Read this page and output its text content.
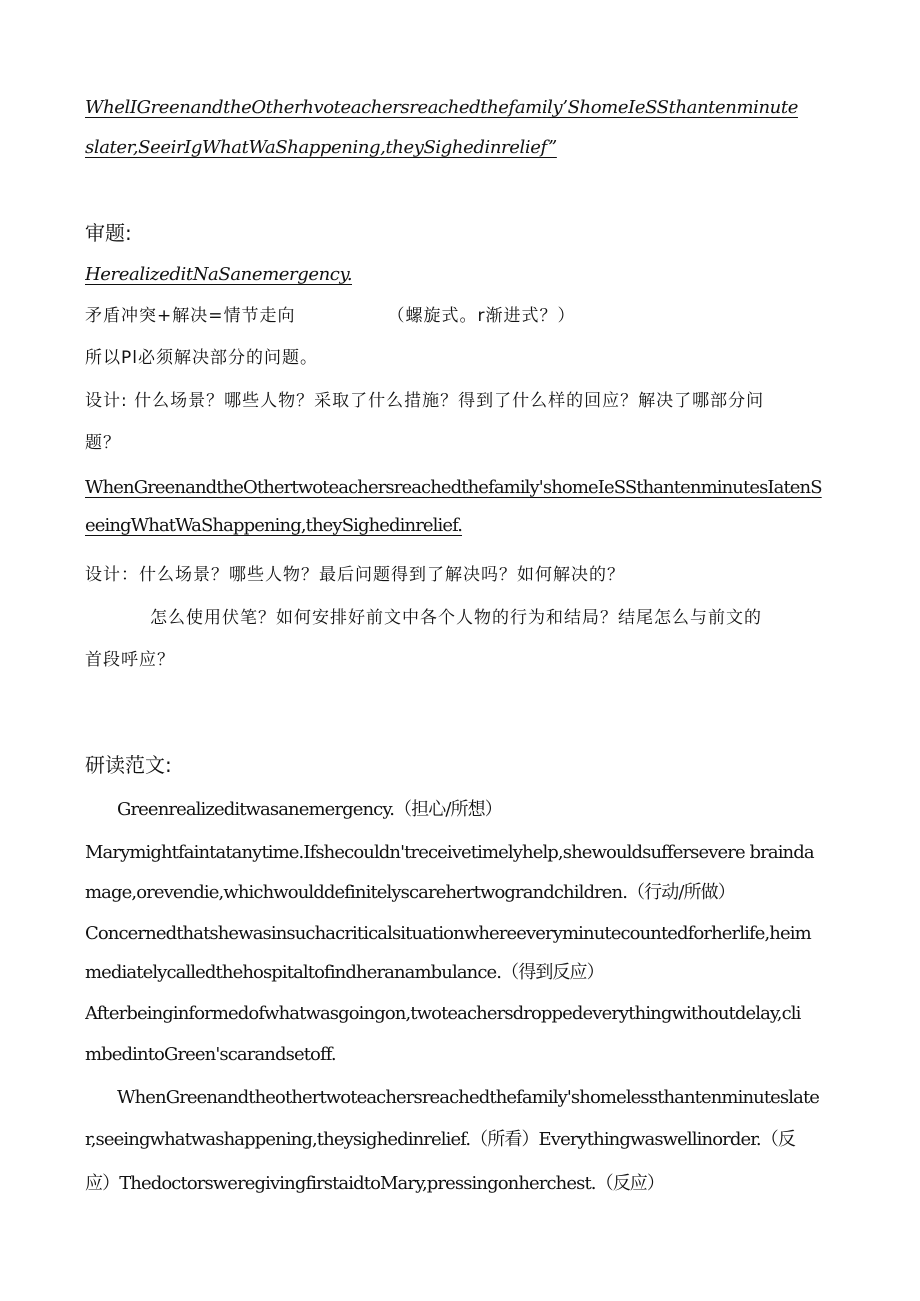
WhelIGreenandtheOtherhvoteachersreachedthefamily’ShomeIeSSthantenminute
slater,SeeirIgWhatWaShappening,theySighedinrelief”
审题:
HerealizeditNaSanemergency.
矛盾冲突+解决=情节走向	（螺旋式。r渐进式？）
所以Pl必须解决部分的问题。
设计: 什么场景？哪些人物？采取了什么措施？得到了什么样的回应？解决了哪部分问
题？
WhenGreenandtheOthertwoteachersreachedthefamily'shomeIeSSthantenminutesIatenS
eeingWhatWaShappening,theySighedinrelief.
设计：什么场景？哪些人物？最后问题得到了解决吗？如何解决的？
怎么使用伏笔？如何安排好前文中各个人物的行为和结局？结尾怎么与前文的
首段呼应？
研读范文:
Greenrealizeditwasanemergency.（担心/所想）
Marymightfaintatanytime.Ifshecouldn'treceivetimelyhelp,shewouldsuffersevere braindа
mage,orevendie,whichwoulddefinitelyscarehertwograndchildren.（行动/所做）
Concernedthatshewasinsuchacriticalsituationwhereeveryminutecountedforherlife,heim
mediatelycalledthehospitaltofindheranambulance.（得到反应）
Afterbeinginformedofwhatwasgoingon,twoteachersdroppedeverythingwithoutdelay,cli
mbedintoGreen'scarandsetoff.
WhenGreenandtheothertwoteachersreachedthefamily'shomelessthantenminuteslate
r,seeingwhatwashappening,theysighedinrelief.（所看）Everythingwaswellinorder.（反
应）ThedoctorsweregivingfirstaidtoMary,pressingonherchest.（反应）
